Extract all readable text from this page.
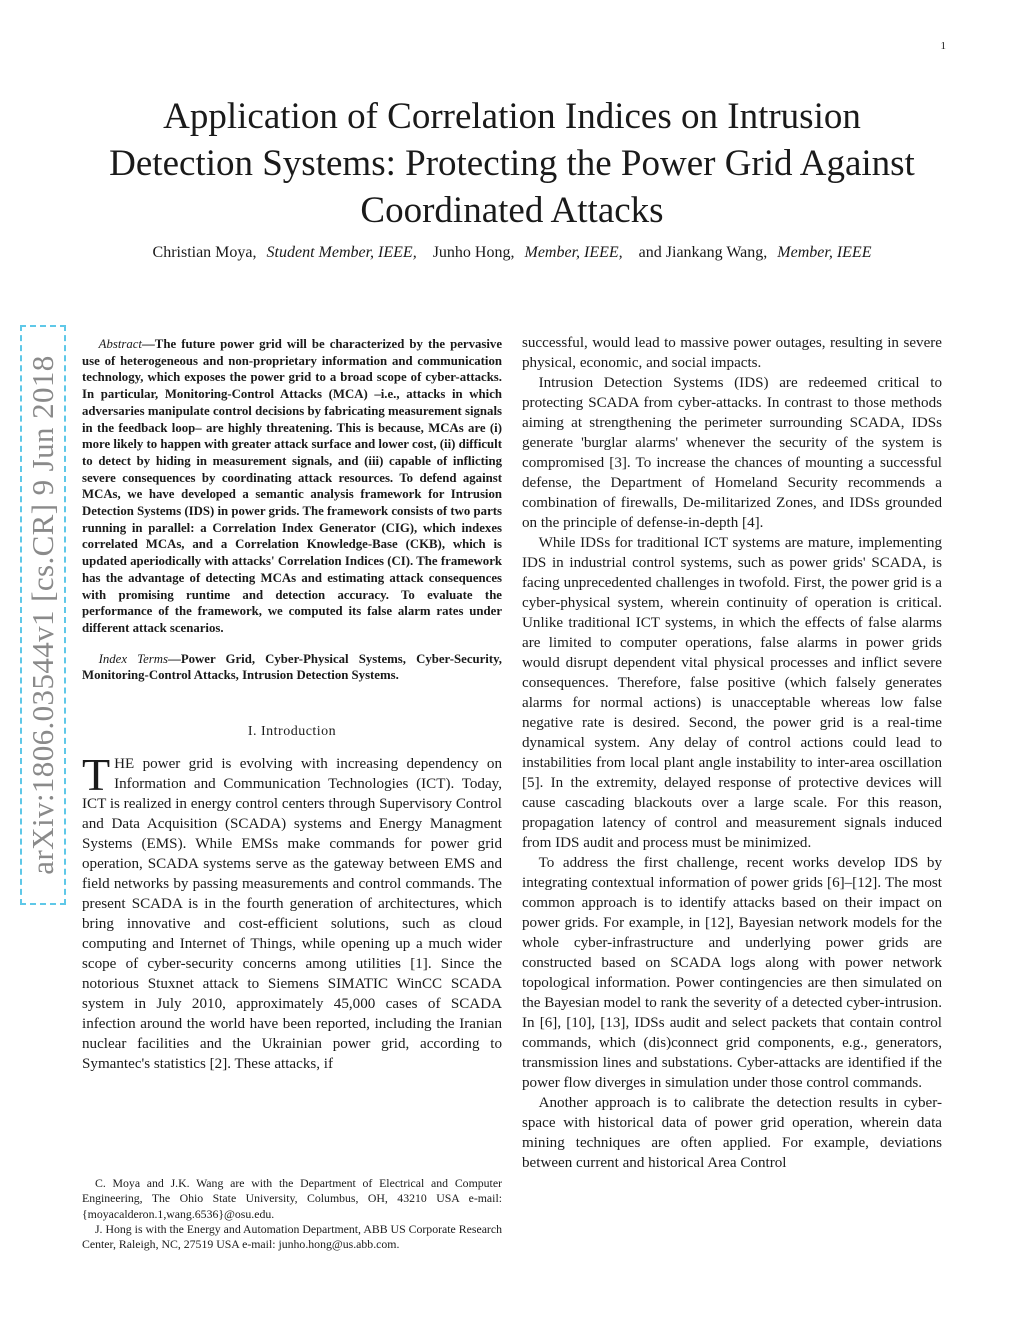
1
Application of Correlation Indices on Intrusion Detection Systems: Protecting the Power Grid Against Coordinated Attacks
Christian Moya, Student Member, IEEE, Junho Hong, Member, IEEE, and Jiankang Wang, Member, IEEE
arXiv:1806.03544v1 [cs.CR] 9 Jun 2018

Abstract—The future power grid will be characterized by the pervasive use of heterogeneous and non-proprietary information and communication technology, which exposes the power grid to a broad scope of cyber-attacks. In particular, Monitoring-Control Attacks (MCA) –i.e., attacks in which adversaries manipulate control decisions by fabricating measurement signals in the feedback loop– are highly threatening. This is because, MCAs are (i) more likely to happen with greater attack surface and lower cost, (ii) difficult to detect by hiding in measurement signals, and (iii) capable of inflicting severe consequences by coordinating attack resources. To defend against MCAs, we have developed a semantic analysis framework for Intrusion Detection Systems (IDS) in power grids. The framework consists of two parts running in parallel: a Correlation Index Generator (CIG), which indexes correlated MCAs, and a Correlation Knowledge-Base (CKB), which is updated aperiodically with attacks' Correlation Indices (CI). The framework has the advantage of detecting MCAs and estimating attack consequences with promising runtime and detection accuracy. To evaluate the performance of the framework, we computed its false alarm rates under different attack scenarios.

Index Terms—Power Grid, Cyber-Physical Systems, Cyber-Security, Monitoring-Control Attacks, Intrusion Detection Systems.

I. Introduction

THE power grid is evolving with increasing dependency on Information and Communication Technologies (ICT). Today, ICT is realized in energy control centers through Supervisory Control and Data Acquisition (SCADA) systems and Energy Managment Systems (EMS). While EMSs make commands for power grid operation, SCADA systems serve as the gateway between EMS and field networks by passing measurements and control commands. The present SCADA is in the fourth generation of architectures, which bring innovative and cost-efficient solutions, such as cloud computing and Internet of Things, while opening up a much wider scope of cyber-security concerns among utilities [1]. Since the notorious Stuxnet attack to Siemens SIMATIC WinCC SCADA system in July 2010, approximately 45,000 cases of SCADA infection around the world have been reported, including the Iranian nuclear facilities and the Ukrainian power grid, according to Symantec's statistics [2]. These attacks, if

successful, would lead to massive power outages, resulting in severe physical, economic, and social impacts.

Intrusion Detection Systems (IDS) are redeemed critical to protecting SCADA from cyber-attacks. In contrast to those methods aiming at strengthening the perimeter surrounding SCADA, IDSs generate 'burglar alarms' whenever the security of the system is compromised [3]. To increase the chances of mounting a successful defense, the Department of Homeland Security recommends a combination of firewalls, De-militarized Zones, and IDSs grounded on the principle of defense-in-depth [4].

While IDSs for traditional ICT systems are mature, implementing IDS in industrial control systems, such as power grids' SCADA, is facing unprecedented challenges in twofold. First, the power grid is a cyber-physical system, wherein continuity of operation is critical. Unlike traditional ICT systems, in which the effects of false alarms are limited to computer operations, false alarms in power grids would disrupt dependent vital physical processes and inflict severe consequences. Therefore, false positive (which falsely generates alarms for normal actions) is unacceptable whereas low false negative rate is desired. Second, the power grid is a real-time dynamical system. Any delay of control actions could lead to instabilities from local plant angle instability to inter-area oscillation [5]. In the extremity, delayed response of protective devices will cause cascading blackouts over a large scale. For this reason, propagation latency of control and measurement signals induced from IDS audit and process must be minimized.

To address the first challenge, recent works develop IDS by integrating contextual information of power grids [6]–[12]. The most common approach is to identify attacks based on their impact on power grids. For example, in [12], Bayesian network models for the whole cyber-infrastructure and underlying power grids are constructed based on SCADA logs along with power network topological information. Power contingencies are then simulated on the Bayesian model to rank the severity of a detected cyber-intrusion. In [6], [10], [13], IDSs audit and select packets that contain control commands, which (dis)connect grid components, e.g., generators, transmission lines and substations. Cyber-attacks are identified if the power flow diverges in simulation under those control commands.

Another approach is to calibrate the detection results in cyber-space with historical data of power grid operation, wherein data mining techniques are often applied. For example, deviations between current and historical Area Control

C. Moya and J.K. Wang are with the Department of Electrical and Computer Engineering, The Ohio State University, Columbus, OH, 43210 USA e-mail: {moyacalderon.1,wang.6536}@osu.edu.

J. Hong is with the Energy and Automation Department, ABB US Corporate Research Center, Raleigh, NC, 27519 USA e-mail: junho.hong@us.abb.com.
